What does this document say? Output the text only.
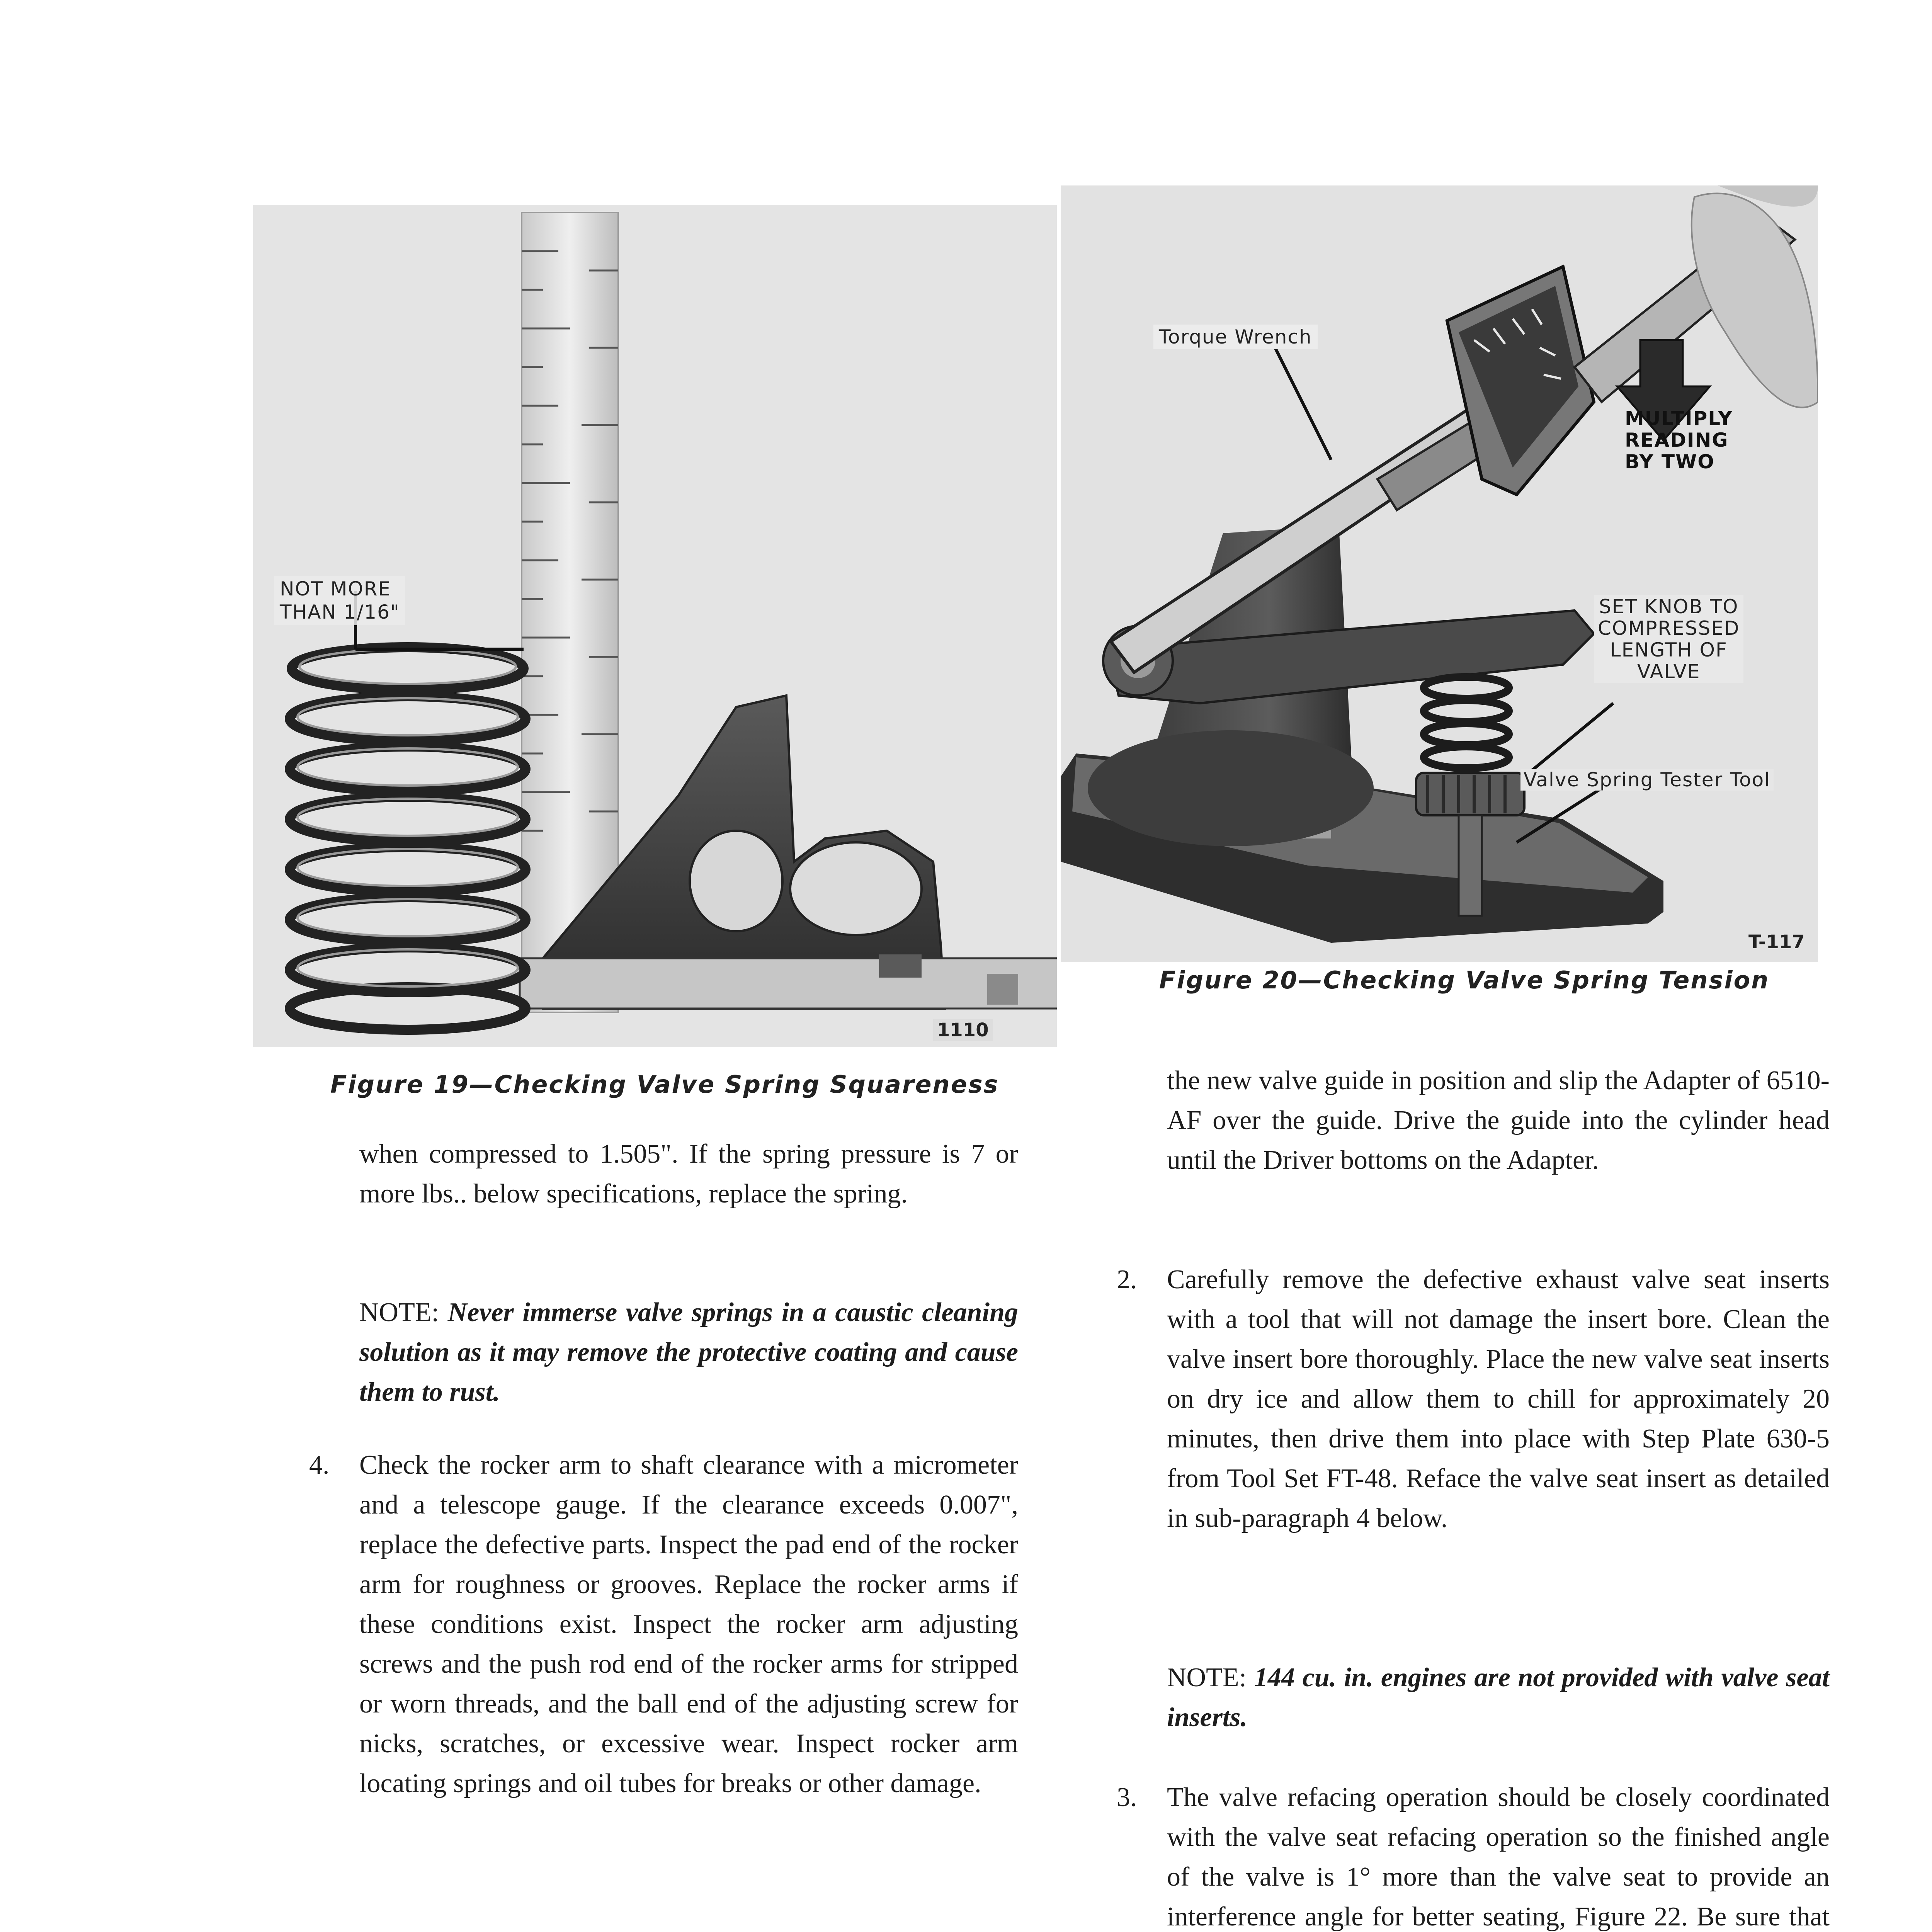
NOT MORE
THAN 1/16"
1110
Figure 19—Checking Valve Spring Squareness
Torque Wrench
MULTIPLY
READING
BY TWO
SET KNOB TO
COMPRESSED
LENGTH OF
VALVE
Valve Spring Tester Tool
T-117
Figure 20—Checking Valve Spring Tension
when compressed to 1.505". If the spring pressure is 7 or more lbs.. below specifications, replace the spring.
NOTE: Never immerse valve springs in a caustic cleaning solution as it may remove the protective coating and cause them to rust.
4. Check the rocker arm to shaft clearance with a micrometer and a telescope gauge. If the clearance exceeds 0.007", replace the defective parts. Inspect the pad end of the rocker arm for roughness or grooves. Replace the rocker arms if these conditions exist. Inspect the rocker arm adjusting screws and the push rod end of the rocker arms for stripped or worn threads, and the ball end of the adjusting screw for nicks, scratches, or excessive wear. Inspect rocker arm locating springs and oil tubes for breaks or other damage.
the new valve guide in position and slip the Adapter of 6510-AF over the guide. Drive the guide into the cylinder head until the Driver bottoms on the Adapter.
2. Carefully remove the defective exhaust valve seat inserts with a tool that will not damage the insert bore. Clean the valve insert bore thoroughly. Place the new valve seat inserts on dry ice and allow them to chill for approximately 20 minutes, then drive them into place with Step Plate 630-5 from Tool Set FT-48. Reface the valve seat insert as detailed in sub-paragraph 4 below.
NOTE: 144 cu. in. engines are not provided with valve seat inserts.
3. The valve refacing operation should be closely coordinated with the valve seat refacing operation so the finished angle of the valve is 1° more than the valve seat to provide an interference angle for better seating, Figure 22. Be sure that
